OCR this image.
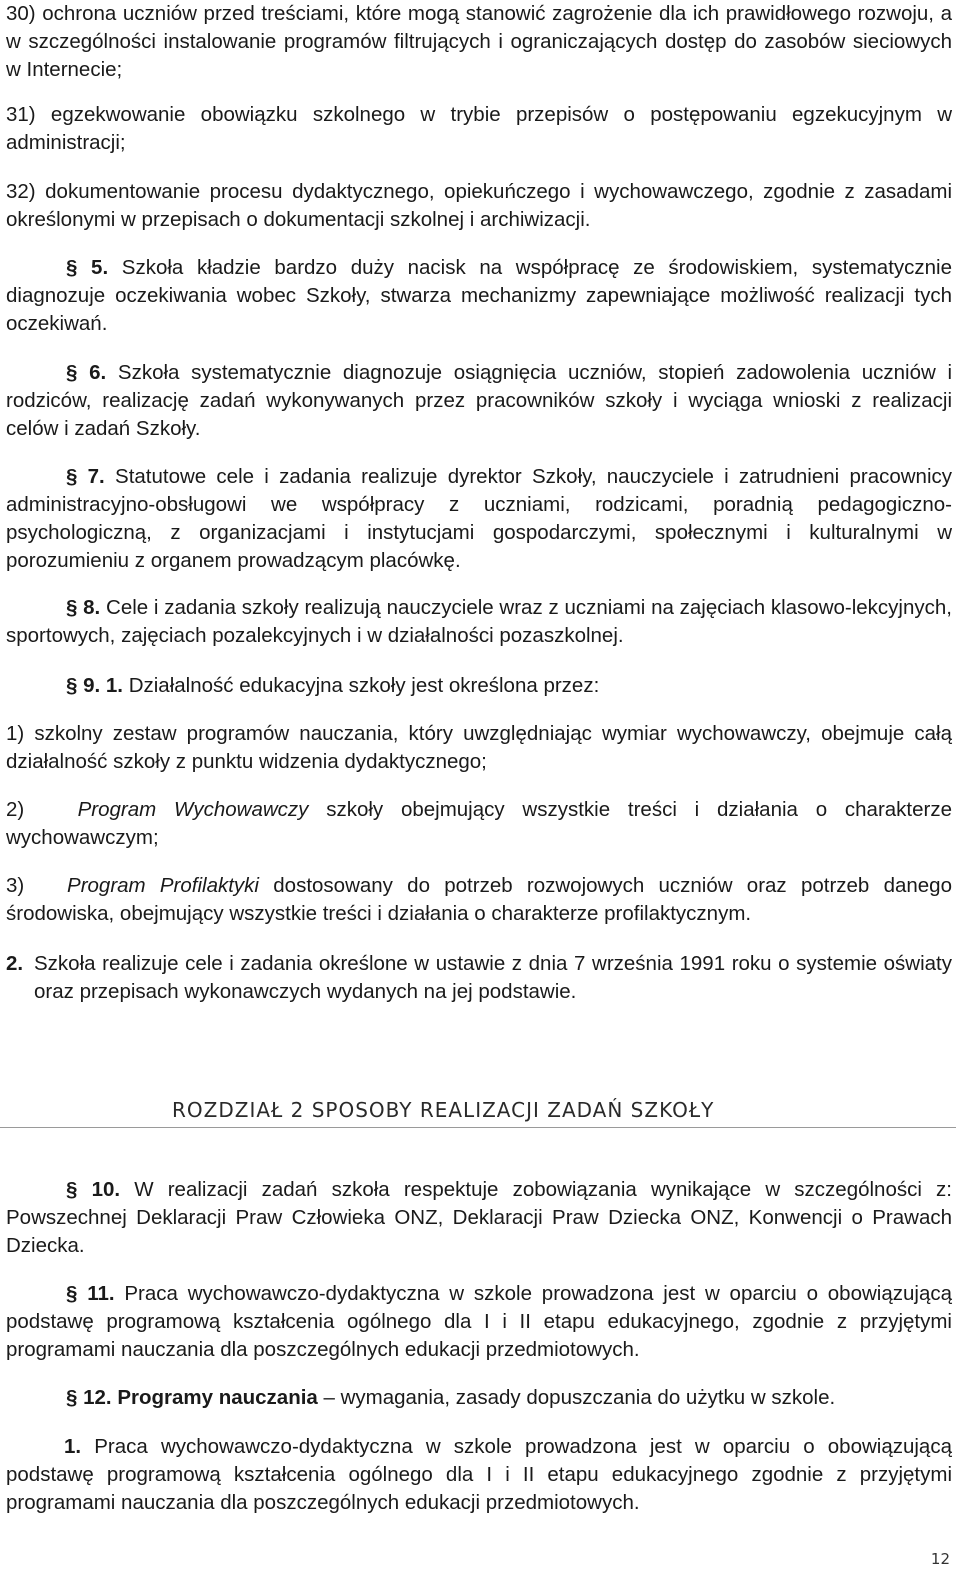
30) ochrona uczniów przed treściami, które mogą stanowić zagrożenie dla ich prawidłowego rozwoju, a w szczególności instalowanie programów filtrujących i ograniczających dostęp do zasobów sieciowych w Internecie;

31) egzekwowanie obowiązku szkolnego w trybie przepisów o postępowaniu egzekucyjnym w administracji;

32) dokumentowanie procesu dydaktycznego, opiekuńczego i wychowawczego, zgodnie z zasadami określonymi w przepisach o dokumentacji szkolnej i archiwizacji.

§ 5. Szkoła kładzie bardzo duży nacisk na współpracę ze środowiskiem, systematycznie diagnozuje oczekiwania wobec Szkoły, stwarza mechanizmy zapewniające możliwość realizacji tych oczekiwań.

§ 6. Szkoła systematycznie diagnozuje osiągnięcia uczniów, stopień zadowolenia uczniów i rodziców, realizację zadań wykonywanych przez pracowników szkoły i wyciąga wnioski z realizacji celów i zadań Szkoły.

§ 7. Statutowe cele i zadania realizuje dyrektor Szkoły, nauczyciele i zatrudnieni pracownicy administracyjno-obsługowi we współpracy z uczniami, rodzicami, poradnią pedagogiczno-psychologiczną, z organizacjami i instytucjami gospodarczymi, społecznymi i kulturalnymi w porozumieniu z organem prowadzącym placówkę.

§ 8. Cele i zadania szkoły realizują nauczyciele wraz z uczniami na zajęciach klasowo-lekcyjnych, sportowych, zajęciach pozalekcyjnych i w działalności pozaszkolnej.

§ 9. 1. Działalność edukacyjna szkoły jest określona przez:

1) szkolny zestaw programów nauczania, który uwzględniając wymiar wychowawczy, obejmuje całą działalność szkoły z punktu widzenia dydaktycznego;

2)	Program Wychowawczy szkoły obejmujący wszystkie treści i działania o charakterze wychowawczym;

3) Program Profilaktyki dostosowany do potrzeb rozwojowych uczniów oraz potrzeb danego środowiska, obejmujący wszystkie treści i działania o charakterze profilaktycznym.

2. Szkoła realizuje cele i zadania określone w ustawie z dnia 7 września 1991 roku o systemie oświaty oraz przepisach wykonawczych wydanych na jej podstawie.

ROZDZIAŁ 2 SPOSOBY REALIZACJI ZADAŃ SZKOŁY

§ 10. W realizacji zadań szkoła respektuje zobowiązania wynikające w szczególności z: Powszechnej Deklaracji Praw Człowieka ONZ, Deklaracji Praw Dziecka ONZ, Konwencji o Prawach Dziecka.

§ 11. Praca wychowawczo-dydaktyczna w szkole prowadzona jest w oparciu o obowiązującą podstawę programową kształcenia ogólnego dla I i II etapu edukacyjnego, zgodnie z przyjętymi programami nauczania dla poszczególnych edukacji przedmiotowych.

§ 12. Programy nauczania – wymagania, zasady dopuszczania do użytku w szkole.

1. Praca wychowawczo-dydaktyczna w szkole prowadzona jest w oparciu o obowiązującą podstawę programową kształcenia ogólnego dla I i II etapu edukacyjnego zgodnie z przyjętymi programami nauczania dla poszczególnych edukacji przedmiotowych.

12
